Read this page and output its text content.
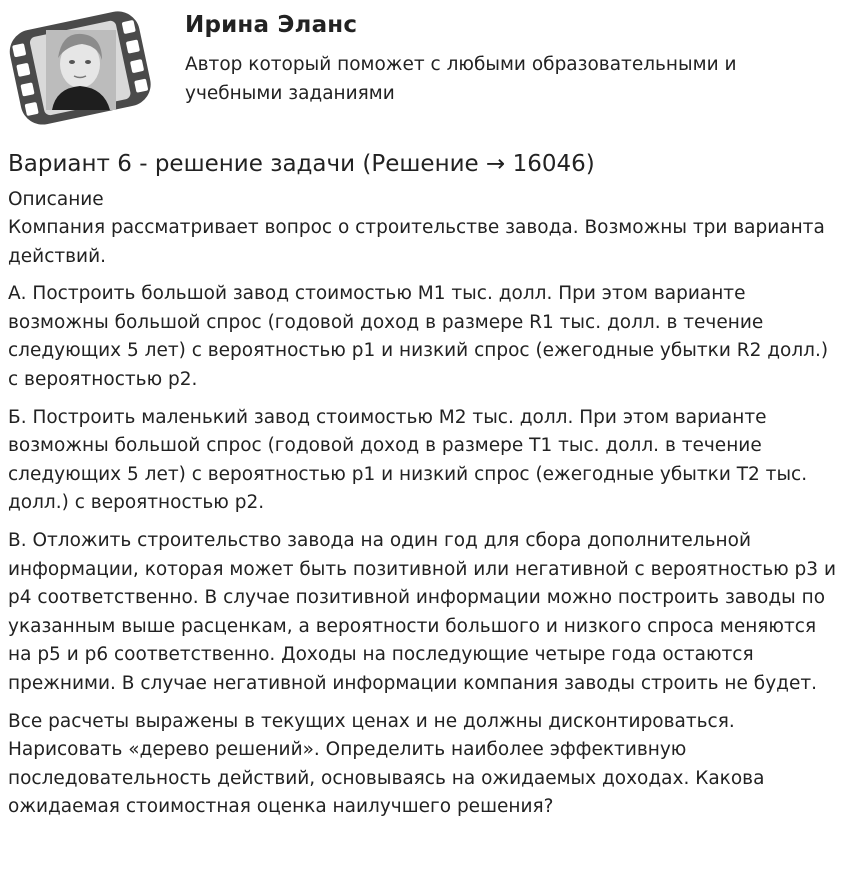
Ирина Эланс
Автор который поможет с любыми образовательными и учебными заданиями
Вариант 6 - решение задачи (Решение → 16046)

Описание

Компания рассматривает вопрос о строительстве завода. Возможны три варианта действий.

А. Построить большой завод стоимостью M1 тыс. долл. При этом варианте возможны большой спрос (годовой доход в размере R1 тыс. долл. в течение следующих 5 лет) с вероятностью p1 и низкий спрос (ежегодные убытки R2 долл.) с вероятностью p2.

Б. Построить маленький завод стоимостью M2 тыс. долл. При этом варианте возможны большой спрос (годовой доход в размере T1 тыс. долл. в течение следующих 5 лет) с вероятностью p1 и низкий спрос (ежегодные убытки T2 тыс. долл.) с вероятностью p2.

В. Отложить строительство завода на один год для сбора дополнительной информации, которая может быть позитивной или негативной с вероятностью p3 и p4 соответственно. В случае позитивной информации можно построить заводы по указанным выше расценкам, а вероятности большого и низкого спроса меняются на p5 и p6 соответственно. Доходы на последующие четыре года остаются прежними. В случае негативной информации компания заводы строить не будет.

Все расчеты выражены в текущих ценах и не должны дисконтироваться. Нарисовать «дерево решений». Определить наиболее эффективную последовательность действий, основываясь на ожидаемых доходах. Какова ожидаемая стоимостная оценка наилучшего решения?
